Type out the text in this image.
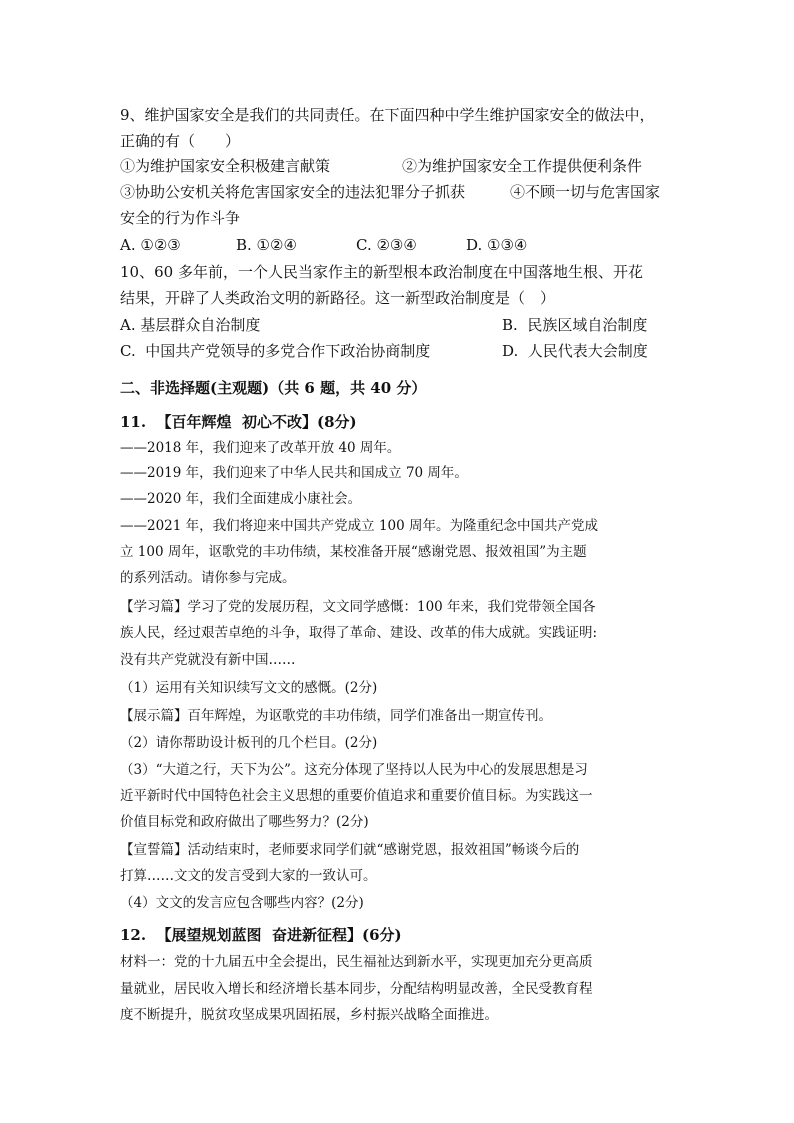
9、维护国家安全是我们的共同责任。在下面四种中学生维护国家安全的做法中，
正确的有（　　）
①为维护国家安全积极建言献策	②为维护国家安全工作提供便利条件
③协助公安机关将危害国家安全的违法犯罪分子抓获	④不顾一切与危害国家
安全的行为作斗争
A. ①②③	B. ①②④	C. ②③④	D. ①③④
10、60 多年前，一个人民当家作主的新型根本政治制度在中国落地生根、开花
结果，开辟了人类政治文明的新路径。这一新型政治制度是（　）
A. 基层群众自治制度	B.  民族区域自治制度
C.  中国共产党领导的多党合作下政治协商制度	D.  人民代表大会制度
二、非选择题(主观题)（共 6 题，共 40 分）
11.  【百年辉煌  初心不改】(8分)
——2018 年，我们迎来了改革开放 40 周年。
——2019 年，我们迎来了中华人民共和国成立 70 周年。
——2020 年，我们全面建成小康社会。
——2021 年，我们将迎来中国共产党成立 100 周年。为隆重纪念中国共产党成
立 100 周年，讴歌党的丰功伟绩，某校准备开展“感谢党恩、报效祖国”为主题
的系列活动。请你参与完成。
【学习篇】学习了党的发展历程，文文同学感慨：100 年来，我们党带领全国各
族人民，经过艰苦卓绝的斗争，取得了革命、建设、改革的伟大成就。实践证明:
没有共产党就没有新中国……
（1）运用有关知识续写文文的感慨。(2分)
【展示篇】百年辉煌，为讴歌党的丰功伟绩，同学们准备出一期宣传刊。
（2）请你帮助设计板刊的几个栏目。(2分)
（3）“大道之行，天下为公”。这充分体现了坚持以人民为中心的发展思想是习
近平新时代中国特色社会主义思想的重要价值追求和重要价值目标。为实践这一
价值目标党和政府做出了哪些努力？(2分)
【宣誓篇】活动结束时，老师要求同学们就“感谢党恩，报效祖国”畅谈今后的
打算……文文的发言受到大家的一致认可。
（4）文文的发言应包含哪些内容？(2分)
12.  【展望规划蓝图  奋进新征程】(6分)
材料一：党的十九届五中全会提出，民生福祉达到新水平，实现更加充分更高质
量就业，居民收入增长和经济增长基本同步，分配结构明显改善，全民受教育程
度不断提升，脱贫攻坚成果巩固拓展，乡村振兴战略全面推进。
